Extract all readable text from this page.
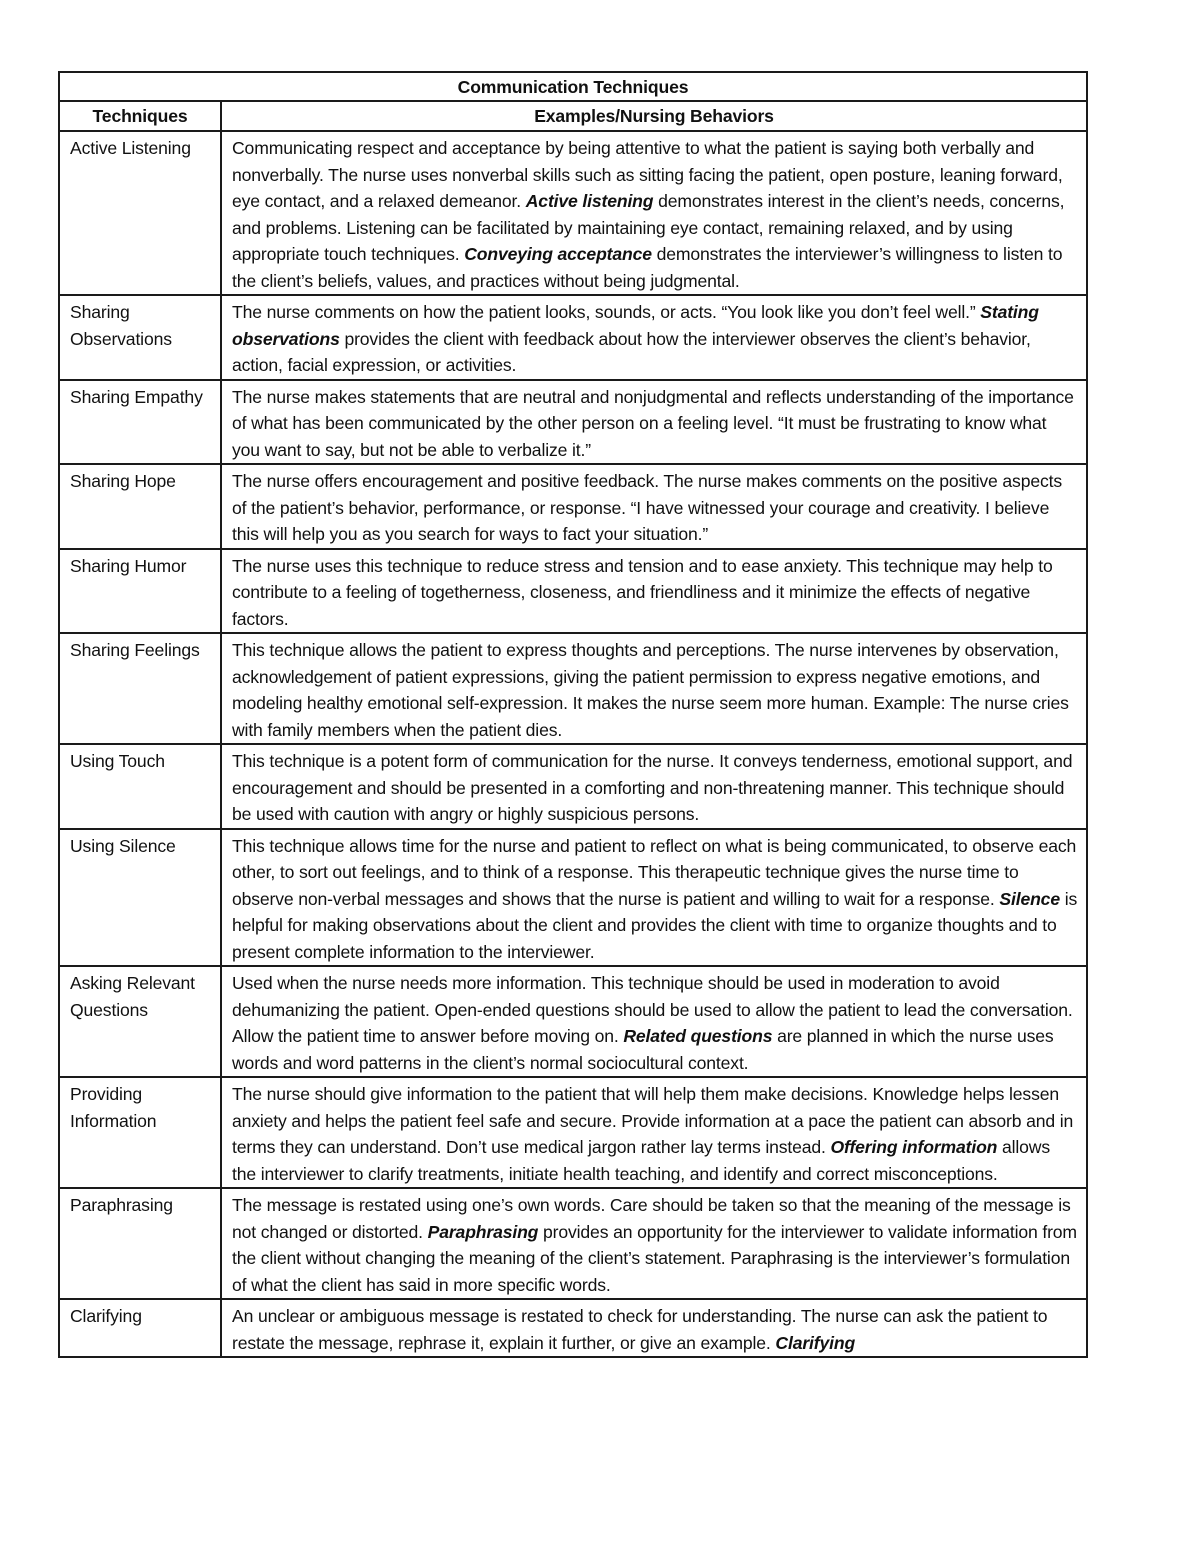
Communication Techniques	
Techniques	Examples/Nursing Behaviors
Active Listening	Communicating respect and acceptance by being attentive to what the patient is saying both verbally and nonverbally. The nurse uses nonverbal skills such as sitting facing the patient, open posture, leaning forward, eye contact, and a relaxed demeanor. Active listening demonstrates interest in the client’s needs, concerns, and problems. Listening can be facilitated by maintaining eye contact, remaining relaxed, and by using appropriate touch techniques. Conveying acceptance demonstrates the interviewer’s willingness to listen to the client’s beliefs, values, and practices without being judgmental.

Sharing Observations	The nurse comments on how the patient looks, sounds, or acts. “You look like you don’t feel well.” Stating observations provides the client with feedback about how the interviewer observes the client’s behavior, action, facial expression, or activities.

Sharing Empathy	The nurse makes statements that are neutral and nonjudgmental and reflects understanding of the importance of what has been communicated by the other person on a feeling level. “It must be frustrating to know what you want to say, but not be able to verbalize it.”

Sharing Hope	The nurse offers encouragement and positive feedback. The nurse makes comments on the positive aspects of the patient’s behavior, performance, or response. “I have witnessed your courage and creativity. I believe this will help you as you search for ways to fact your situation.”

Sharing Humor	The nurse uses this technique to reduce stress and tension and to ease anxiety. This technique may help to contribute to a feeling of togetherness, closeness, and friendliness and it minimize the effects of negative factors.

Sharing Feelings	This technique allows the patient to express thoughts and perceptions. The nurse intervenes by observation, acknowledgement of patient expressions, giving the patient permission to express negative emotions, and modeling healthy emotional self-expression. It makes the nurse seem more human. Example: The nurse cries with family members when the patient dies.

Using Touch	This technique is a potent form of communication for the nurse. It conveys tenderness, emotional support, and encouragement and should be presented in a comforting and non-threatening manner. This technique should be used with caution with angry or highly suspicious persons.

Using Silence	This technique allows time for the nurse and patient to reflect on what is being communicated, to observe each other, to sort out feelings, and to think of a response. This therapeutic technique gives the nurse time to observe non-verbal messages and shows that the nurse is patient and willing to wait for a response. Silence is helpful for making observations about the client and provides the client with time to organize thoughts and to present complete information to the interviewer.

Asking Relevant Questions	Used when the nurse needs more information. This technique should be used in moderation to avoid dehumanizing the patient. Open-ended questions should be used to allow the patient to lead the conversation. Allow the patient time to answer before moving on. Related questions are planned in which the nurse uses words and word patterns in the client’s normal sociocultural context.

Providing Information	The nurse should give information to the patient that will help them make decisions. Knowledge helps lessen anxiety and helps the patient feel safe and secure. Provide information at a pace the patient can absorb and in terms they can understand. Don’t use medical jargon rather lay terms instead. Offering information allows the interviewer to clarify treatments, initiate health teaching, and identify and correct misconceptions.

Paraphrasing	The message is restated using one’s own words. Care should be taken so that the meaning of the message is not changed or distorted. Paraphrasing provides an opportunity for the interviewer to validate information from the client without changing the meaning of the client’s statement. Paraphrasing is the interviewer’s formulation of what the client has said in more specific words.

Clarifying	An unclear or ambiguous message is restated to check for understanding. The nurse can ask the patient to restate the message, rephrase it, explain it further, or give an example. Clarifying
